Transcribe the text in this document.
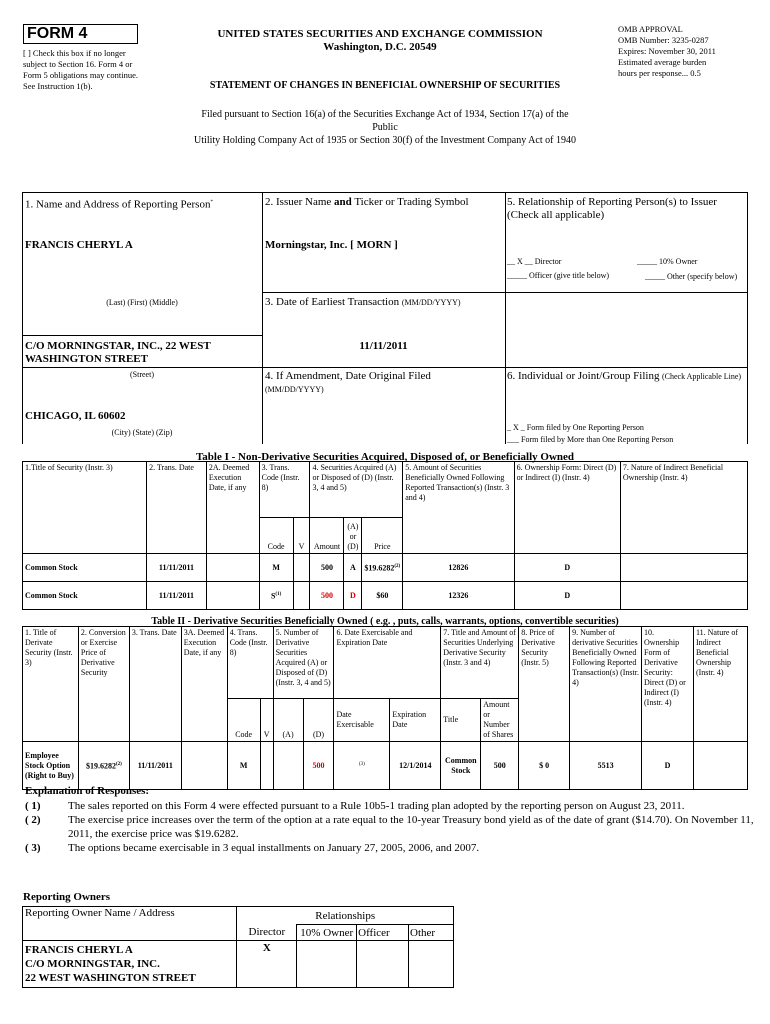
FORM 4
[ ] Check this box if no longer subject to Section 16. Form 4 or Form 5 obligations may continue. See Instruction 1(b).
UNITED STATES SECURITIES AND EXCHANGE COMMISSION
Washington, D.C. 20549
STATEMENT OF CHANGES IN BENEFICIAL OWNERSHIP OF SECURITIES
OMB APPROVAL
OMB Number: 3235-0287
Expires: November 30, 2011
Estimated average burden
hours per response... 0.5
Filed pursuant to Section 16(a) of the Securities Exchange Act of 1934, Section 17(a) of the
Public
Utility Holding Company Act of 1935 or Section 30(f) of the Investment Company Act of 1940
1. Name and Address of Reporting Person*
FRANCIS CHERYL A
(Last) (First) (Middle)
C/O MORNINGSTAR, INC., 22 WEST WASHINGTON STREET
(Street)
CHICAGO, IL 60602
(City) (State) (Zip)
2. Issuer Name and Ticker or Trading Symbol
Morningstar, Inc. [ MORN ]
3. Date of Earliest Transaction (MM/DD/YYYY)
11/11/2011
4. If Amendment, Date Original Filed
(MM/DD/YYYY)
5. Relationship of Reporting Person(s) to Issuer
(Check all applicable)
__ X __ Director	_____ 10% Owner
_____ Officer (give title below)	_____ Other (specify below)
6. Individual or Joint/Group Filing (Check Applicable Line)
_ X _ Form filed by One Reporting Person
___ Form filed by More than One Reporting Person
Table I - Non-Derivative Securities Acquired, Disposed of, or Beneficially Owned
1.Title of Security (Instr. 3)	2. Trans. Date	2A. Deemed Execution Date, if any	3. Trans. Code (Instr. 8)		4. Securities Acquired (A) or Disposed of (D) (Instr. 3, 4 and 5)			5. Amount of Securities Beneficially Owned Following Reported Transaction(s) (Instr. 3 and 4)	6. Ownership Form: Direct (D) or Indirect (I) (Instr. 4)	7. Nature of Indirect Beneficial Ownership (Instr. 4)
			Code	V	Amount	(A) or (D)	Price			
Common Stock	11/11/2011		M		500	A	$19.6282$^{(2)}$	12826	D	
Common Stock	11/11/2011		$S^{(1)}$		500	D	$60	12326	D	
Table II - Derivative Securities Beneficially Owned ( e.g. , puts, calls, warrants, options, convertible securities)
1. Title of Derivate Security (Instr. 3)	2. Conversion or Exercise Price of Derivative Security	3. Trans. Date	3A. Deemed Execution Date, if any	4. Trans. Code (Instr. 8)		5. Number of Derivative Securities Acquired (A) or Disposed of (D) (Instr. 3, 4 and 5)		6. Date Exercisable and Expiration Date		7. Title and Amount of Securities Underlying Derivative Security (Instr. 3 and 4)		8. Price of Derivative Security (Instr. 5)	9. Number of derivative Securities Beneficially Owned Following Reported Transaction(s) (Instr. 4)	10. Ownership Form of Derivative Security: Direct (D) or Indirect (I) (Instr. 4)	11. Nature of Indirect Beneficial Ownership (Instr. 4)
				Code	V	(A)	(D)	Date Exercisable	Expiration Date	Title	Amount or Number of Shares				
Employee Stock Option (Right to Buy)	$19.6282$^{(2)}$	11/11/2011		M			500	$^{(3)}$	12/1/2014	Common Stock	500	$ 0	5513	D	
Explanation of Responses:
( 1)	The sales reported on this Form 4 were effected pursuant to a Rule 10b5-1 trading plan adopted by the reporting person on August 23, 2011.
( 2)	The exercise price increases over the term of the option at a rate equal to the 10-year Treasury bond yield as of the date of grant ($14.70). On November 11, 2011, the exercise price was $19.6282.
( 3)	The options became exercisable in 3 equal installments on January 27, 2005, 2006, and 2007.
Reporting Owners
Reporting Owner Name / Address	Relationships			
	Director	10% Owner	Officer	Other

FRANCIS CHERYL A
C/O MORNINGSTAR, INC.
22 WEST WASHINGTON STREET	X			
